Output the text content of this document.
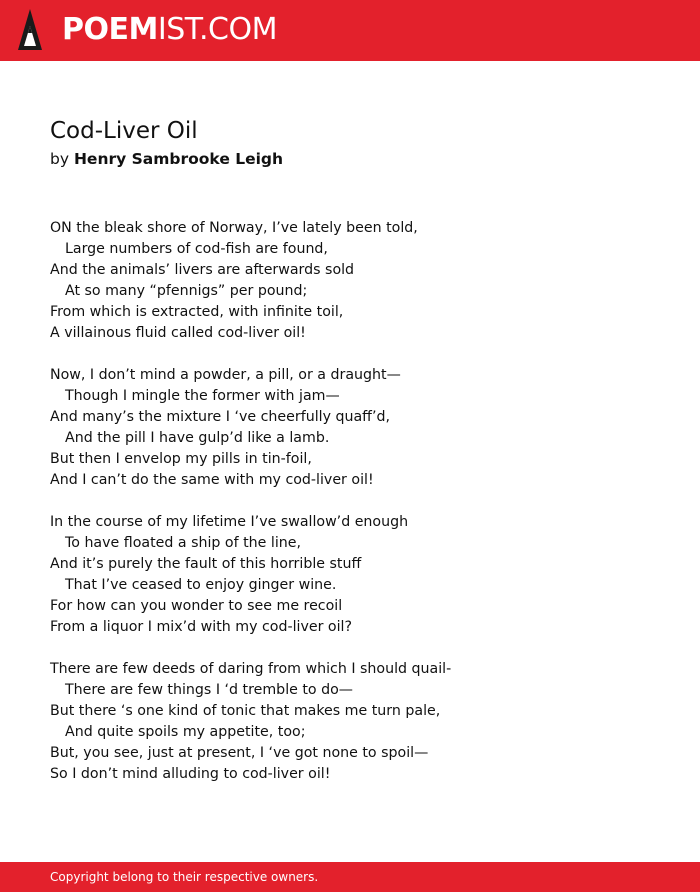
POEMIST.COM
Cod-Liver Oil
by Henry Sambrooke Leigh
ON the bleak shore of Norway, I’ve lately been told,
Large numbers of cod-fish are found,
And the animals’ livers are afterwards sold
At so many “pfennigs” per pound;
From which is extracted, with infinite toil,
A villainous fluid called cod-liver oil!
Now, I don’t mind a powder, a pill, or a draught—
Though I mingle the former with jam—
And many’s the mixture I ‘ve cheerfully quaff’d,
And the pill I have gulp’d like a lamb.
But then I envelop my pills in tin-foil,
And I can’t do the same with my cod-liver oil!
In the course of my lifetime I’ve swallow’d enough
To have floated a ship of the line,
And it’s purely the fault of this horrible stuff
That I’ve ceased to enjoy ginger wine.
For how can you wonder to see me recoil
From a liquor I mix’d with my cod-liver oil?
There are few deeds of daring from which I should quail-
There are few things I ‘d tremble to do—
But there ‘s one kind of tonic that makes me turn pale,
And quite spoils my appetite, too;
But, you see, just at present, I ‘ve got none to spoil—
So I don’t mind alluding to cod-liver oil!
Copyright belong to their respective owners.
